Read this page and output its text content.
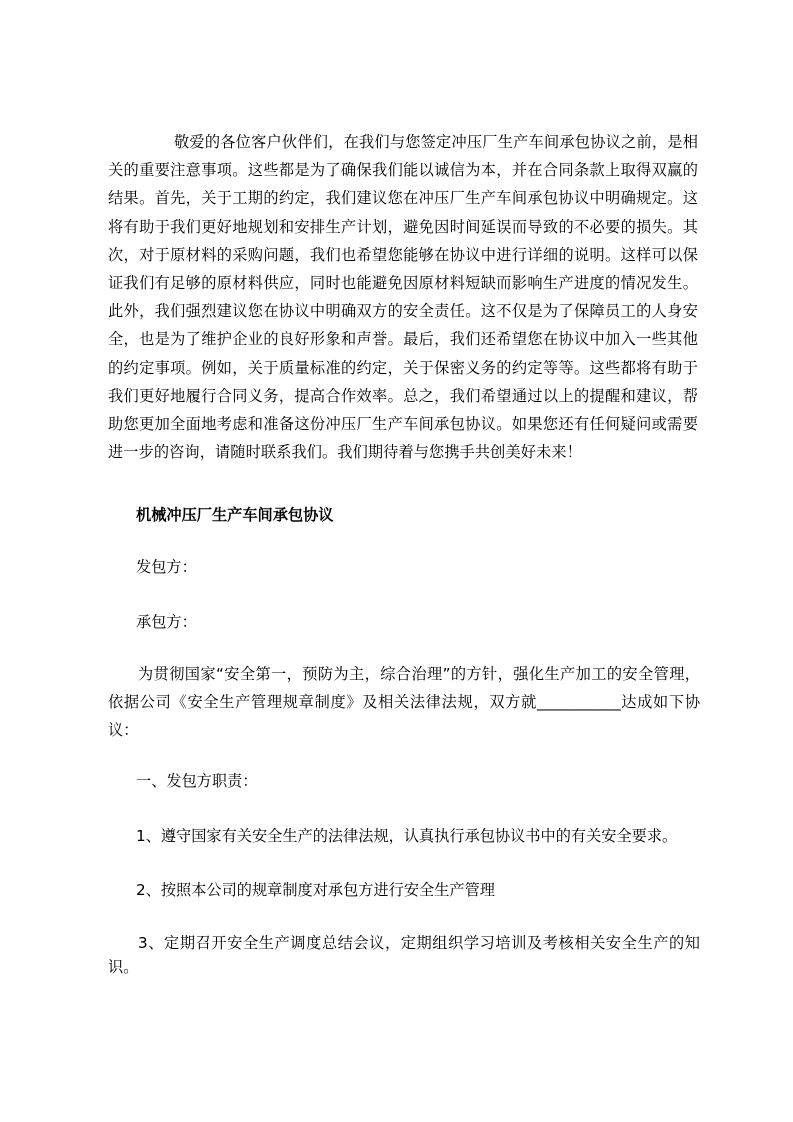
敬爱的各位客户伙伴们，在我们与您签定冲压厂生产车间承包协议之前，是相关的重要注意事项。这些都是为了确保我们能以诚信为本，并在合同条款上取得双赢的结果。首先，关于工期的约定，我们建议您在冲压厂生产车间承包协议中明确规定。这将有助于我们更好地规划和安排生产计划，避免因时间延误而导致的不必要的损失。其次，对于原材料的采购问题，我们也希望您能够在协议中进行详细的说明。这样可以保证我们有足够的原材料供应，同时也能避免因原材料短缺而影响生产进度的情况发生。此外，我们强烈建议您在协议中明确双方的安全责任。这不仅是为了保障员工的人身安全，也是为了维护企业的良好形象和声誉。最后，我们还希望您在协议中加入一些其他的约定事项。例如，关于质量标准的约定，关于保密义务的约定等等。这些都将有助于我们更好地履行合同义务，提高合作效率。总之，我们希望通过以上的提醒和建议，帮助您更加全面地考虑和准备这份冲压厂生产车间承包协议。如果您还有任何疑问或需要进一步的咨询，请随时联系我们。我们期待着与您携手共创美好未来！

机械冲压厂生产车间承包协议

发包方：

承包方：

为贯彻国家“安全第一，预防为主，综合治理”的方针，强化生产加工的安全管理，依据公司《安全生产管理规章制度》及相关法律法规，双方就___________达成如下协议：

一、发包方职责：

1、遵守国家有关安全生产的法律法规，认真执行承包协议书中的有关安全要求。

2、按照本公司的规章制度对承包方进行安全生产管理

3、定期召开安全生产调度总结会议，定期组织学习培训及考核相关安全生产的知识。
